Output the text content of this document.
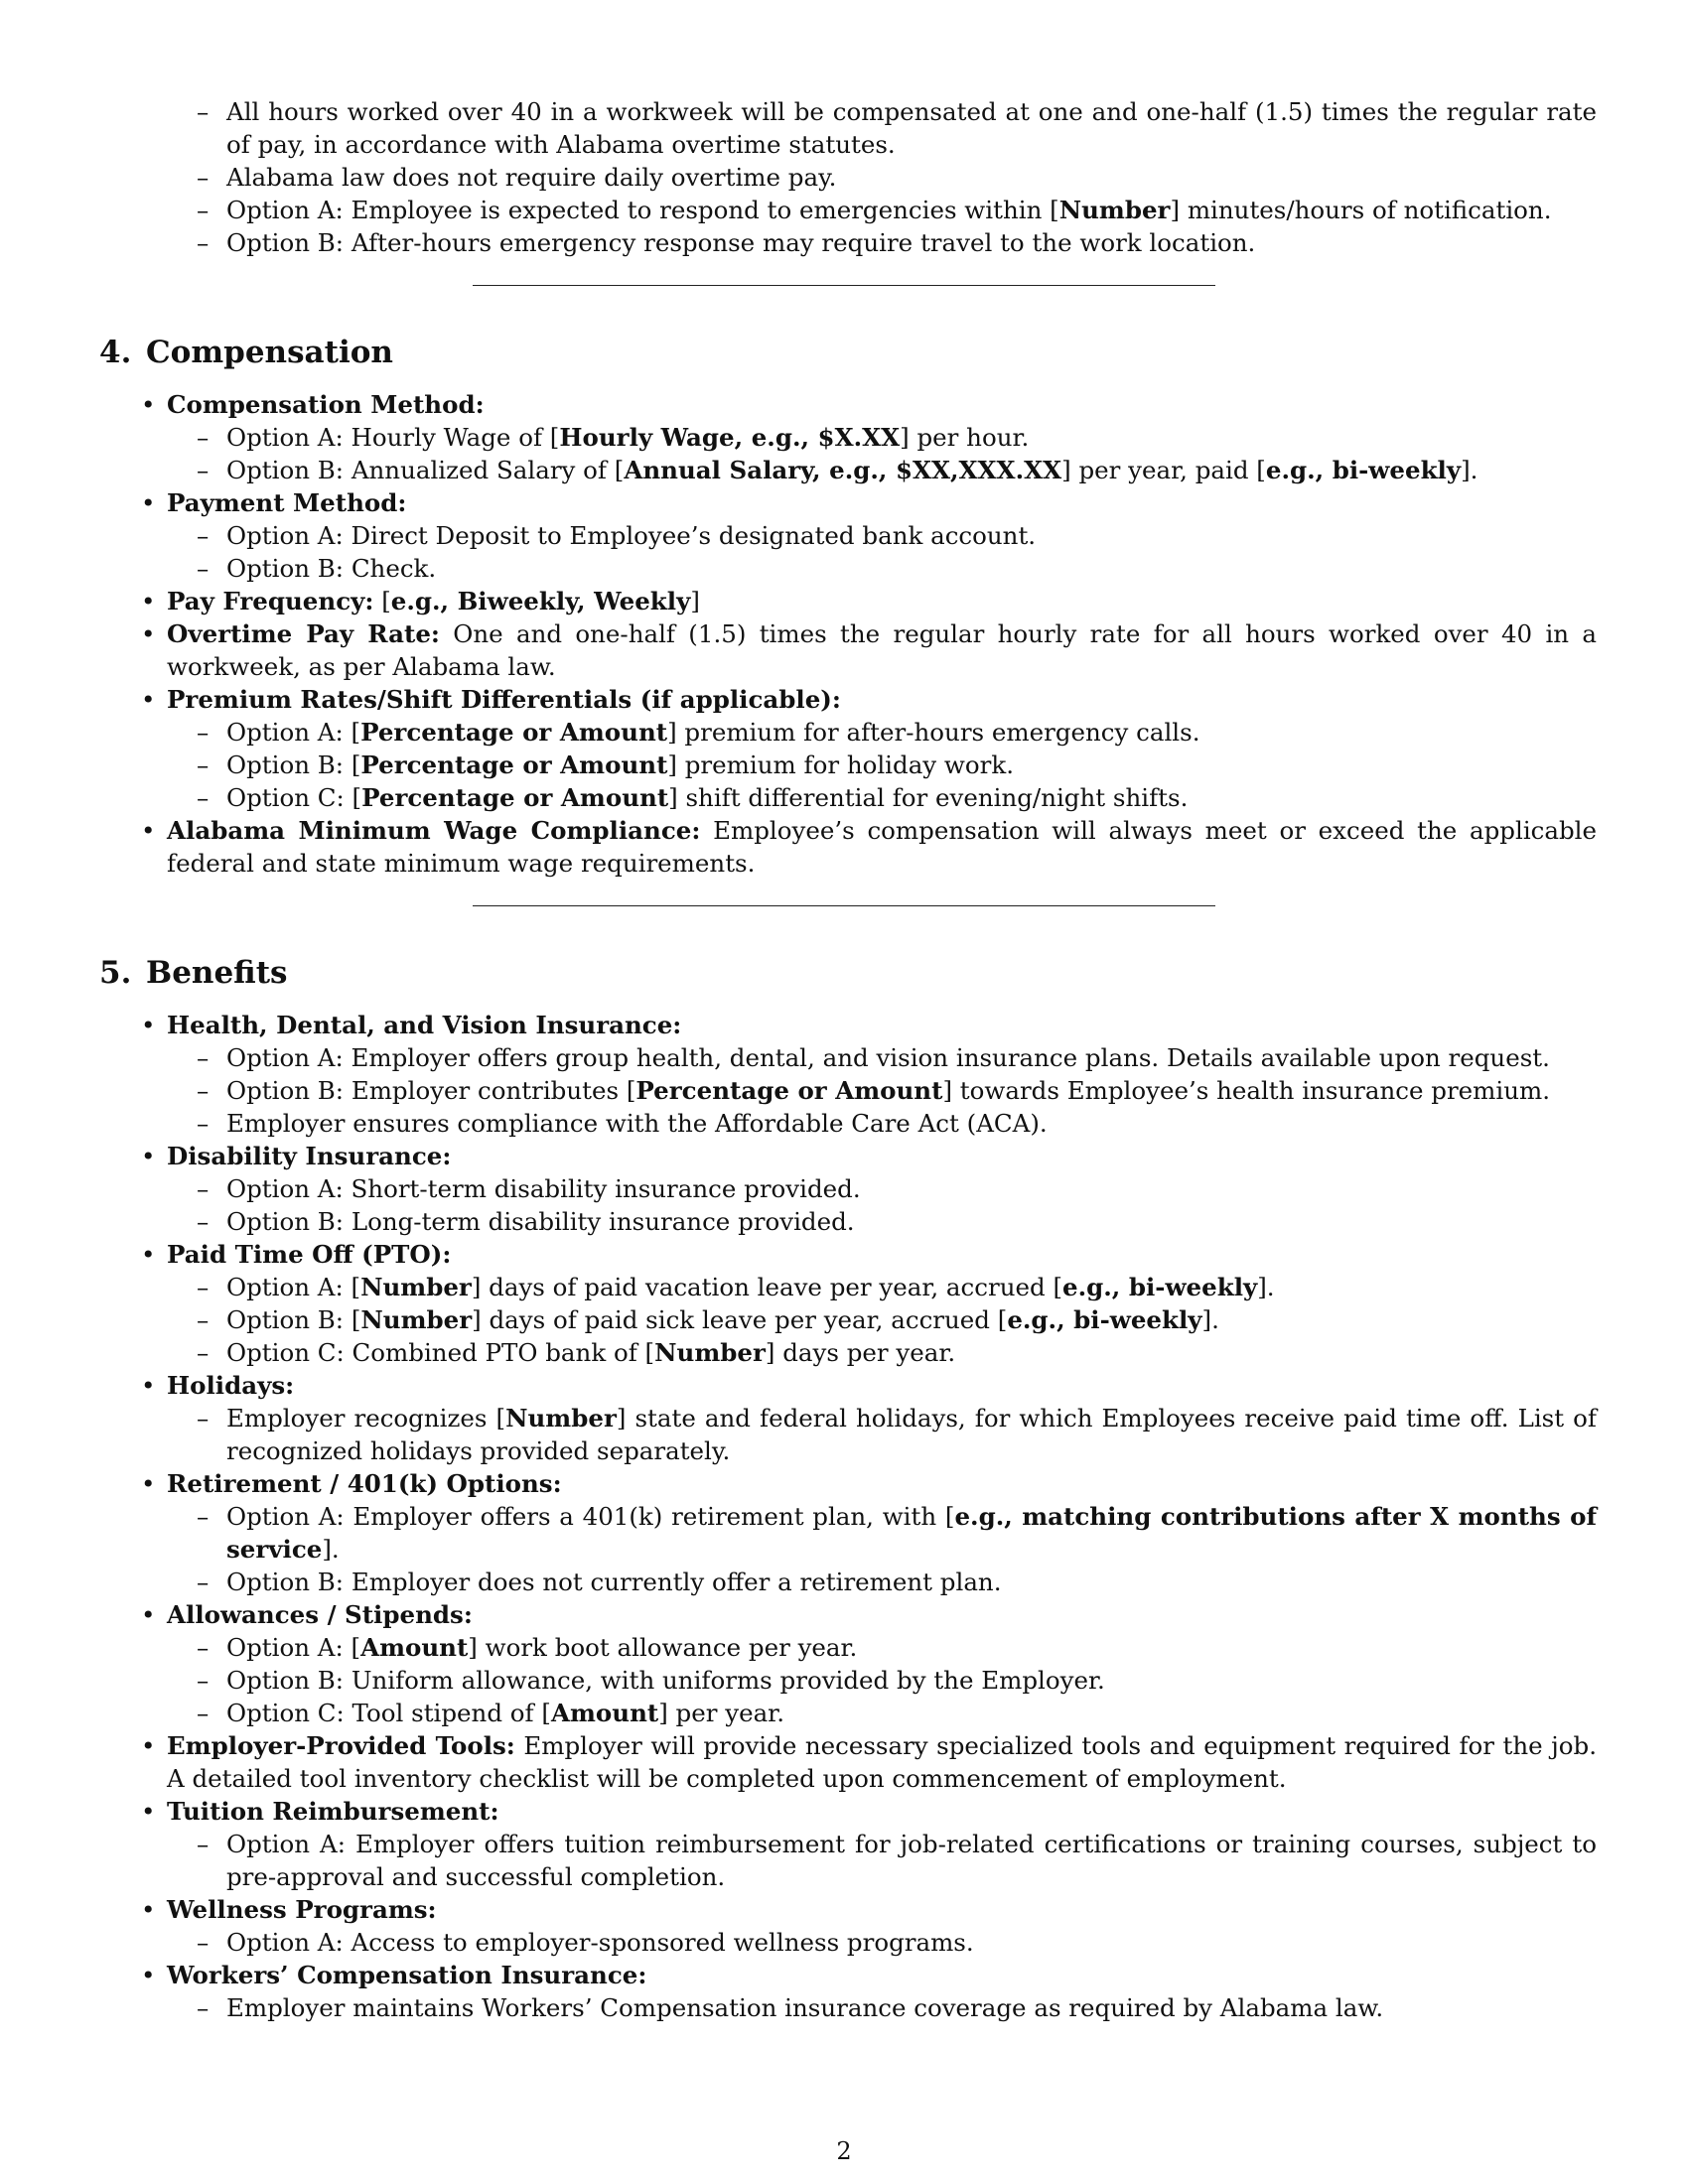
– All hours worked over 40 in a workweek will be compensated at one and one-half (1.5) times the regular rate of pay, in accordance with Alabama overtime statutes.
– Alabama law does not require daily overtime pay.
– Option A: Employee is expected to respond to emergencies within [Number] minutes/hours of notification.
– Option B: After-hours emergency response may require travel to the work location.
4. Compensation
• Compensation Method:
– Option A: Hourly Wage of [Hourly Wage, e.g., $X.XX] per hour.
– Option B: Annualized Salary of [Annual Salary, e.g., $XX,XXX.XX] per year, paid [e.g., bi-weekly].
• Payment Method:
– Option A: Direct Deposit to Employee’s designated bank account.
– Option B: Check.
• Pay Frequency: [e.g., Biweekly, Weekly]
• Overtime Pay Rate: One and one-half (1.5) times the regular hourly rate for all hours worked over 40 in a workweek, as per Alabama law.
• Premium Rates/Shift Differentials (if applicable):
– Option A: [Percentage or Amount] premium for after-hours emergency calls.
– Option B: [Percentage or Amount] premium for holiday work.
– Option C: [Percentage or Amount] shift differential for evening/night shifts.
• Alabama Minimum Wage Compliance: Employee’s compensation will always meet or exceed the applicable federal and state minimum wage requirements.
5. Benefits
• Health, Dental, and Vision Insurance:
– Option A: Employer offers group health, dental, and vision insurance plans. Details available upon request.
– Option B: Employer contributes [Percentage or Amount] towards Employee’s health insurance premium.
– Employer ensures compliance with the Affordable Care Act (ACA).
• Disability Insurance:
– Option A: Short-term disability insurance provided.
– Option B: Long-term disability insurance provided.
• Paid Time Off (PTO):
– Option A: [Number] days of paid vacation leave per year, accrued [e.g., bi-weekly].
– Option B: [Number] days of paid sick leave per year, accrued [e.g., bi-weekly].
– Option C: Combined PTO bank of [Number] days per year.
• Holidays:
– Employer recognizes [Number] state and federal holidays, for which Employees receive paid time off. List of recognized holidays provided separately.
• Retirement / 401(k) Options:
– Option A: Employer offers a 401(k) retirement plan, with [e.g., matching contributions after X months of service].
– Option B: Employer does not currently offer a retirement plan.
• Allowances / Stipends:
– Option A: [Amount] work boot allowance per year.
– Option B: Uniform allowance, with uniforms provided by the Employer.
– Option C: Tool stipend of [Amount] per year.
• Employer-Provided Tools: Employer will provide necessary specialized tools and equipment required for the job. A detailed tool inventory checklist will be completed upon commencement of employment.
• Tuition Reimbursement:
– Option A: Employer offers tuition reimbursement for job-related certifications or training courses, subject to pre-approval and successful completion.
• Wellness Programs:
– Option A: Access to employer-sponsored wellness programs.
• Workers’ Compensation Insurance:
– Employer maintains Workers’ Compensation insurance coverage as required by Alabama law.
2
